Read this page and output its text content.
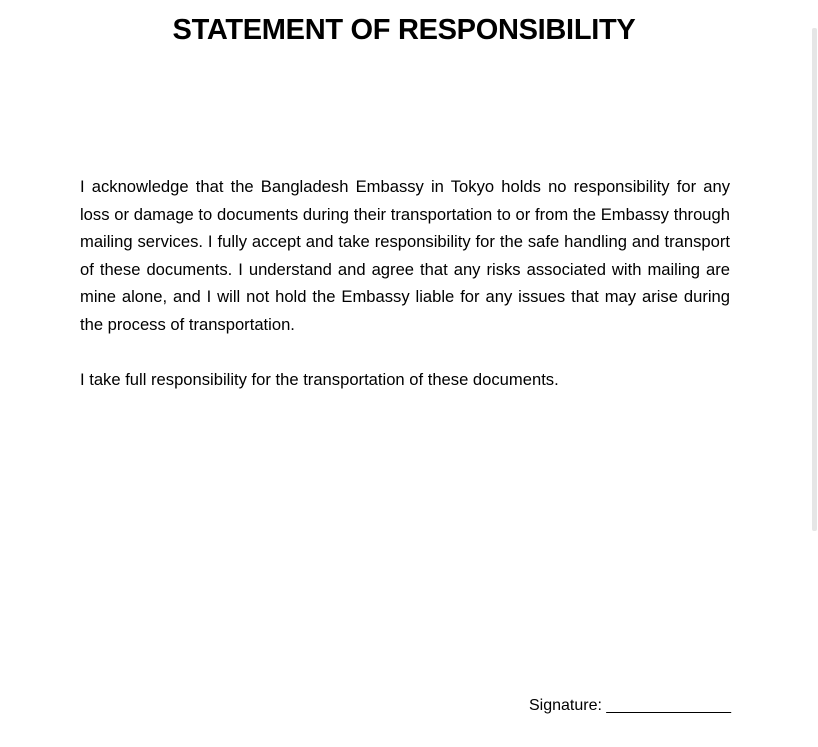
STATEMENT OF RESPONSIBILITY

I acknowledge that the Bangladesh Embassy in Tokyo holds no responsibility for any loss or damage to documents during their transportation to or from the Embassy through mailing services. I fully accept and take responsibility for the safe handling and transport of these documents. I understand and agree that any risks associated with mailing are mine alone, and I will not hold the Embassy liable for any issues that may arise during the process of transportation.

I take full responsibility for the transportation of these documents.

Signature: ______________
